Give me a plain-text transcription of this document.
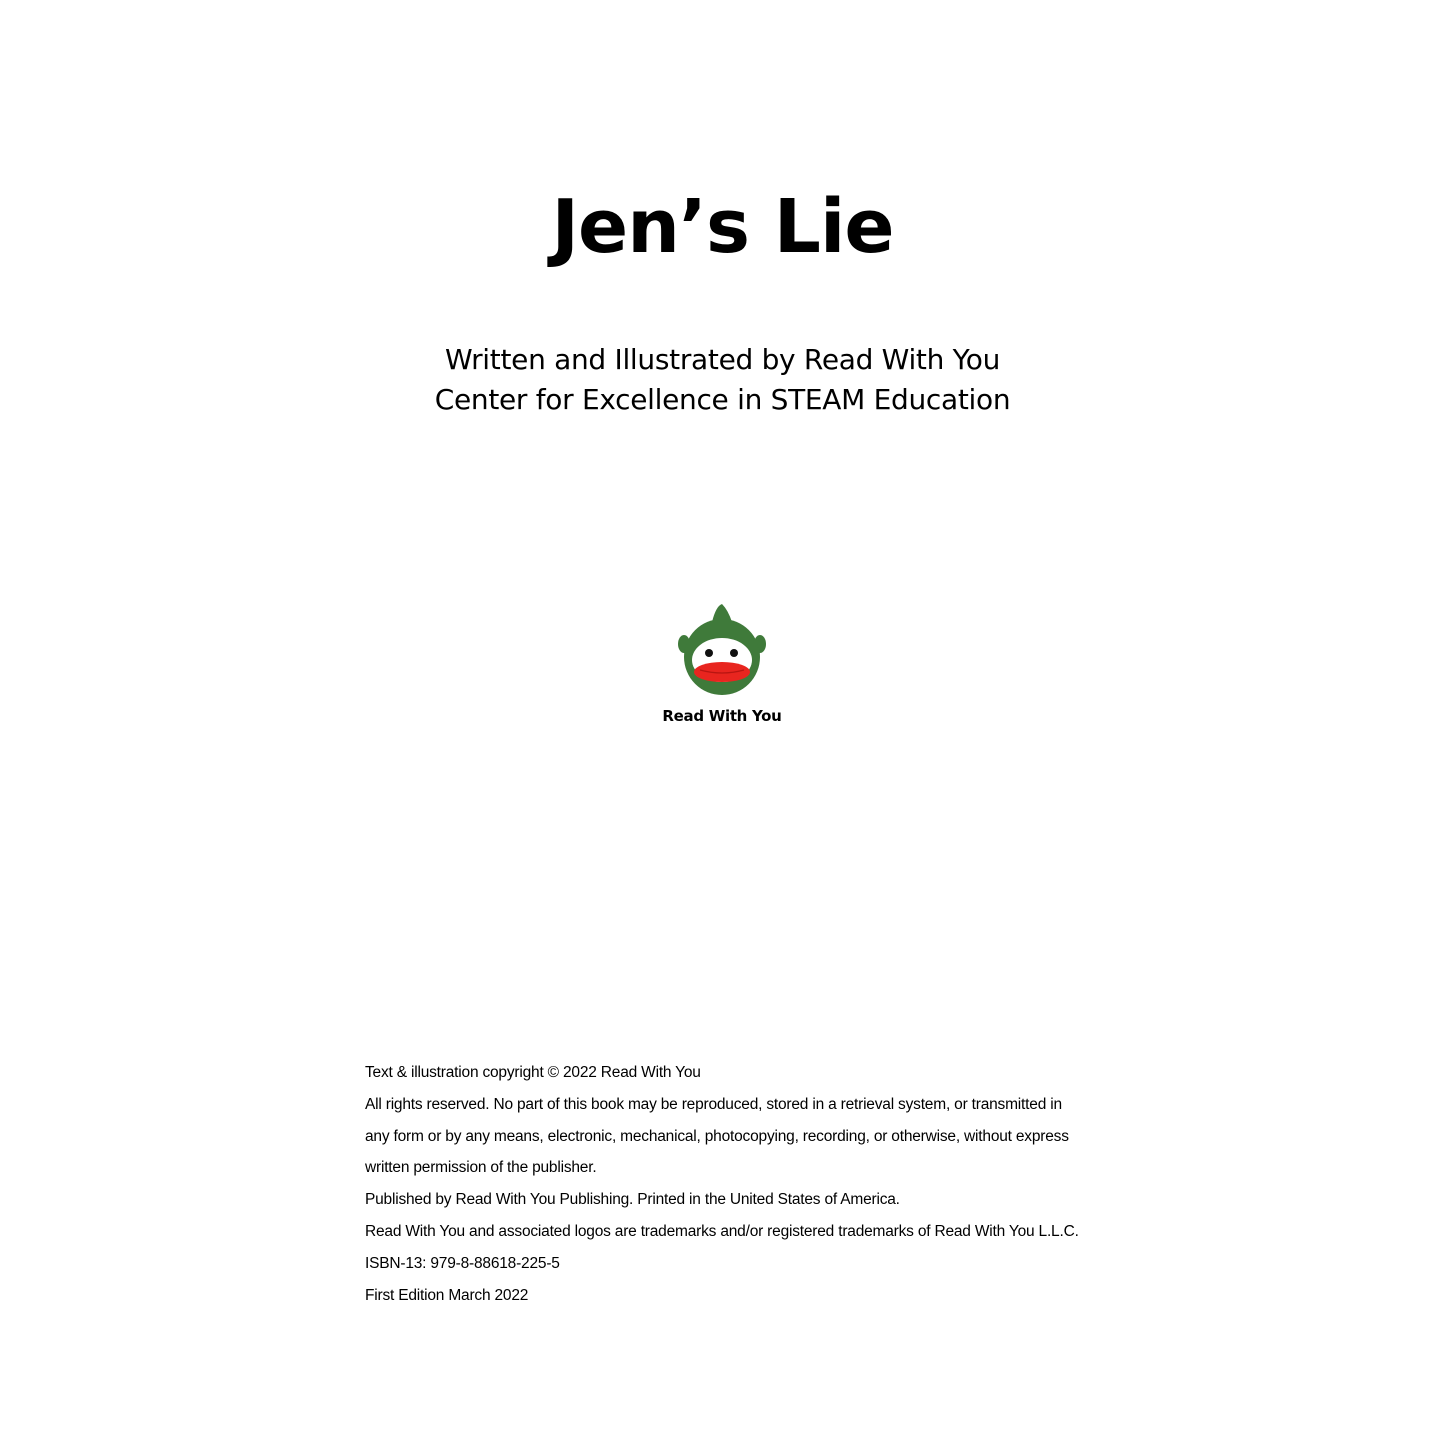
Jen’s Lie
Written and Illustrated by Read With You
Center for Excellence in STEAM Education
Read With You
Text & illustration copyright © 2022 Read With You
All rights reserved. No part of this book may be reproduced, stored in a retrieval system, or transmitted in
any form or by any means, electronic, mechanical, photocopying, recording, or otherwise, without express
written permission of the publisher.
Published by Read With You Publishing. Printed in the United States of America.
Read With You and associated logos are trademarks and/or registered trademarks of Read With You L.L.C.
ISBN-13: 979-8-88618-225-5
First Edition March 2022
